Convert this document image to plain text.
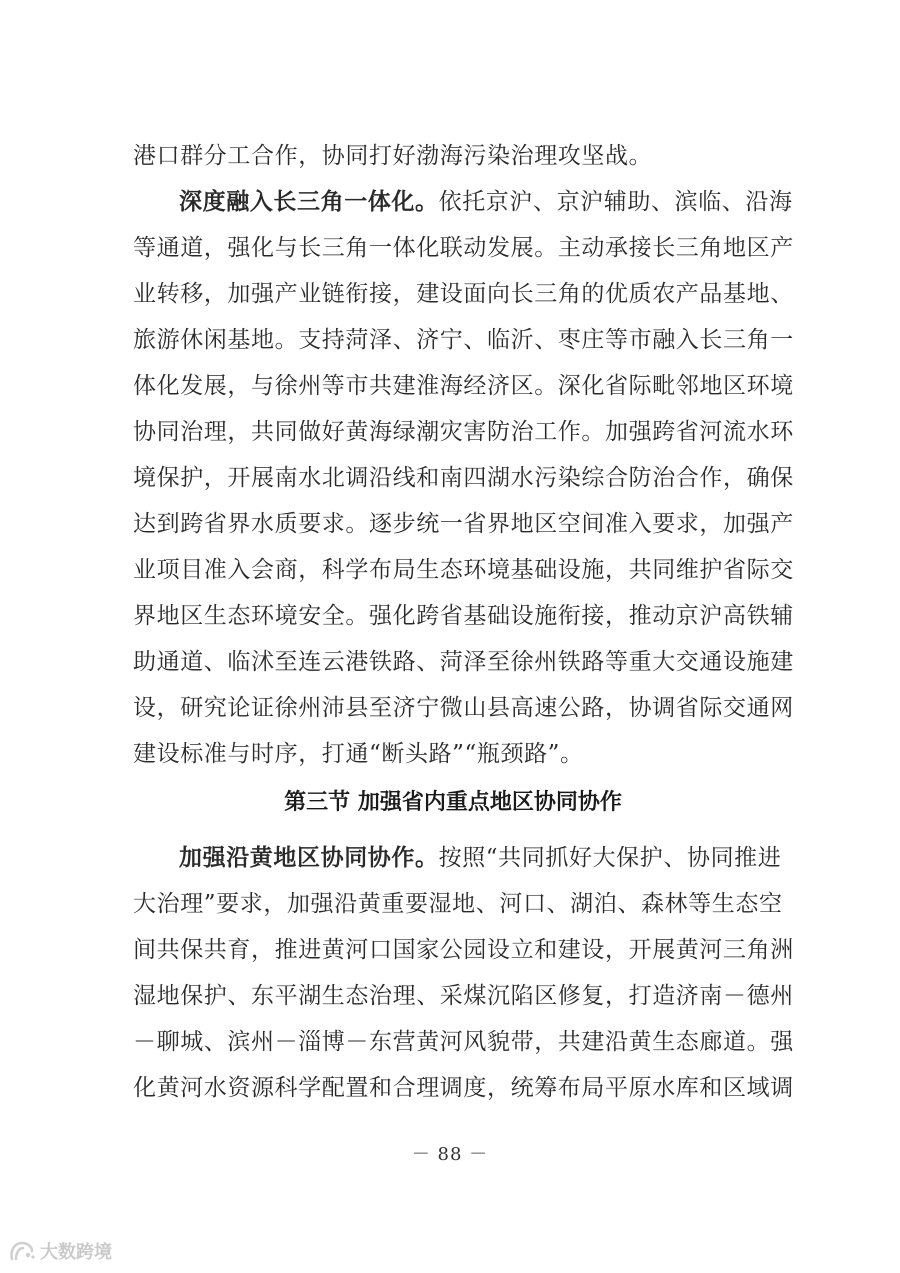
港口群分工合作，协同打好渤海污染治理攻坚战。
深度融入长三角一体化。依托京沪、京沪辅助、滨临、沿海
等通道，强化与长三角一体化联动发展。主动承接长三角地区产
业转移，加强产业链衔接，建设面向长三角的优质农产品基地、
旅游休闲基地。支持菏泽、济宁、临沂、枣庄等市融入长三角一
体化发展，与徐州等市共建淮海经济区。深化省际毗邻地区环境
协同治理，共同做好黄海绿潮灾害防治工作。加强跨省河流水环
境保护，开展南水北调沿线和南四湖水污染综合防治合作，确保
达到跨省界水质要求。逐步统一省界地区空间准入要求，加强产
业项目准入会商，科学布局生态环境基础设施，共同维护省际交
界地区生态环境安全。强化跨省基础设施衔接，推动京沪高铁辅
助通道、临沭至连云港铁路、菏泽至徐州铁路等重大交通设施建
设，研究论证徐州沛县至济宁微山县高速公路，协调省际交通网
建设标准与时序，打通“断头路”“瓶颈路”。
第三节 加强省内重点地区协同协作
加强沿黄地区协同协作。按照“共同抓好大保护、协同推进
大治理”要求，加强沿黄重要湿地、河口、湖泊、森林等生态空
间共保共育，推进黄河口国家公园设立和建设，开展黄河三角洲
湿地保护、东平湖生态治理、采煤沉陷区修复，打造济南－德州
－聊城、滨州－淄博－东营黄河风貌带，共建沿黄生态廊道。强
化黄河水资源科学配置和合理调度，统筹布局平原水库和区域调
－ 88 －
大数跨境
